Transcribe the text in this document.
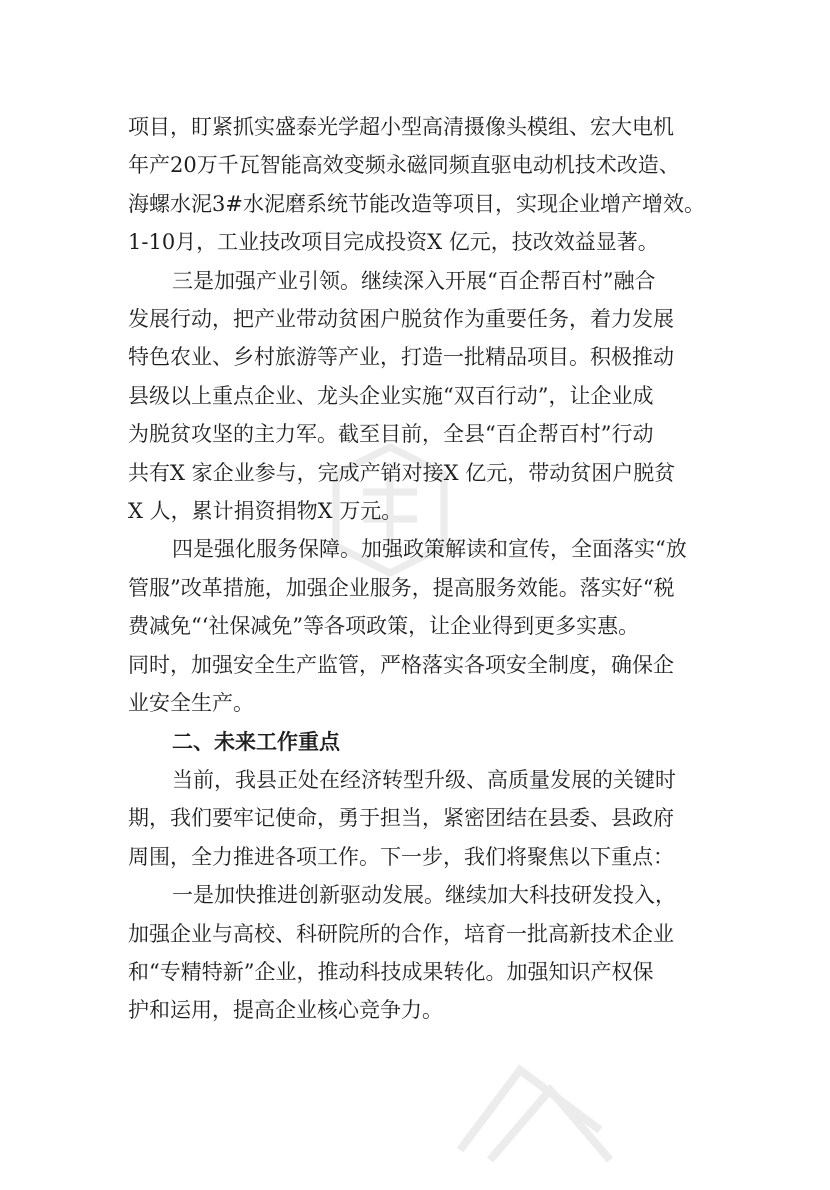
项目，盯紧抓实盛泰光学超小型高清摄像头模组、宏大电机
年产20万千瓦智能高效变频永磁同频直驱电动机技术改造、
海螺水泥3#水泥磨系统节能改造等项目，实现企业增产增效。
1-10月，工业技改项目完成投资X 亿元，技改效益显著。

三是加强产业引领。继续深入开展“百企帮百村”融合
发展行动，把产业带动贫困户脱贫作为重要任务，着力发展
特色农业、乡村旅游等产业，打造一批精品项目。积极推动
县级以上重点企业、龙头企业实施“双百行动”，让企业成
为脱贫攻坚的主力军。截至目前，全县“百企帮百村”行动
共有X 家企业参与，完成产销对接X 亿元，带动贫困户脱贫
X 人，累计捐资捐物X 万元。

四是强化服务保障。加强政策解读和宣传，全面落实“放
管服”改革措施，加强企业服务，提高服务效能。落实好“税
费减免“‘社保减免”等各项政策，让企业得到更多实惠。
同时，加强安全生产监管，严格落实各项安全制度，确保企
业安全生产。

二、未来工作重点

当前，我县正处在经济转型升级、高质量发展的关键时
期，我们要牢记使命，勇于担当，紧密团结在县委、县政府
周围，全力推进各项工作。下一步，我们将聚焦以下重点：

一是加快推进创新驱动发展。继续加大科技研发投入，
加强企业与高校、科研院所的合作，培育一批高新技术企业
和“专精特新”企业，推动科技成果转化。加强知识产权保
护和运用，提高企业核心竞争力。
